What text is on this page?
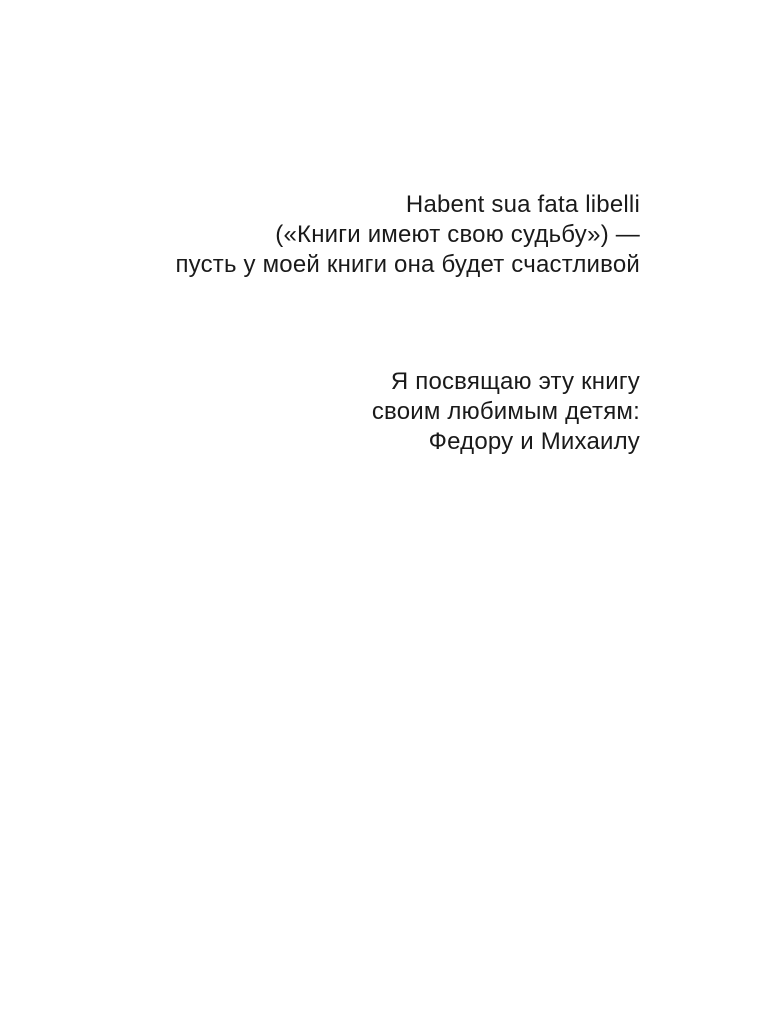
Habent sua fata libelli
(«Книги имеют свою судьбу») —
пусть у моей книги она будет счастливой
Я посвящаю эту книгу
своим любимым детям:
Федору и Михаилу
